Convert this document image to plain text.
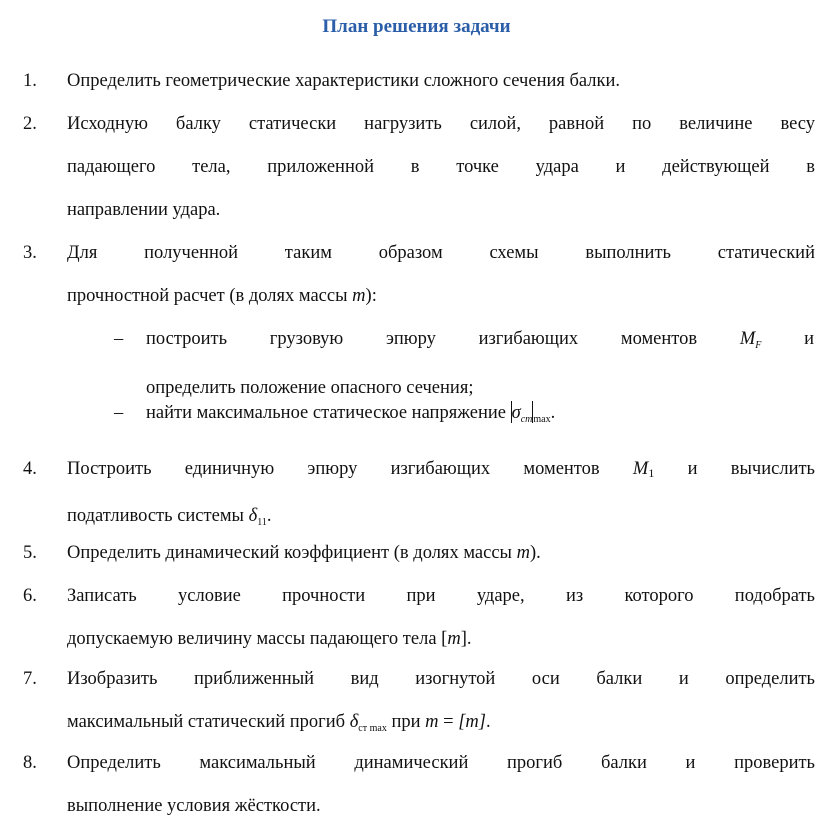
План решения задачи
1.	Определить геометрические характеристики сложного сечения балки.
2.	Исходную балку статически нагрузить силой, равной по величине весу
падающего тела, приложенной в точке удара и действующей в
направлении удара.
3.	Для полученной таким образом схемы выполнить статический
прочностной расчет (в долях массы m):
– построить грузовую эпюру изгибающих моментов $M_F$ и
определить положение опасного сечения;
– найти максимальное статическое напряжение $\sigma_{стmax}$.
4.	Построить единичную эпюру изгибающих моментов M1 и вычислить
податливость системы $\delta_{11}$.
5.	Определить динамический коэффициент (в долях массы m).
6.	Записать условие прочности при ударе, из которого подобрать
допускаемую величину массы падающего тела [m].
7.	Изобразить приближенный вид изогнутой оси балки и определить
максимальный статический прогиб $\delta_{ст max}$ при m = [m].
8.	Определить максимальный динамический прогиб балки и проверить
выполнение условия жёсткости.
